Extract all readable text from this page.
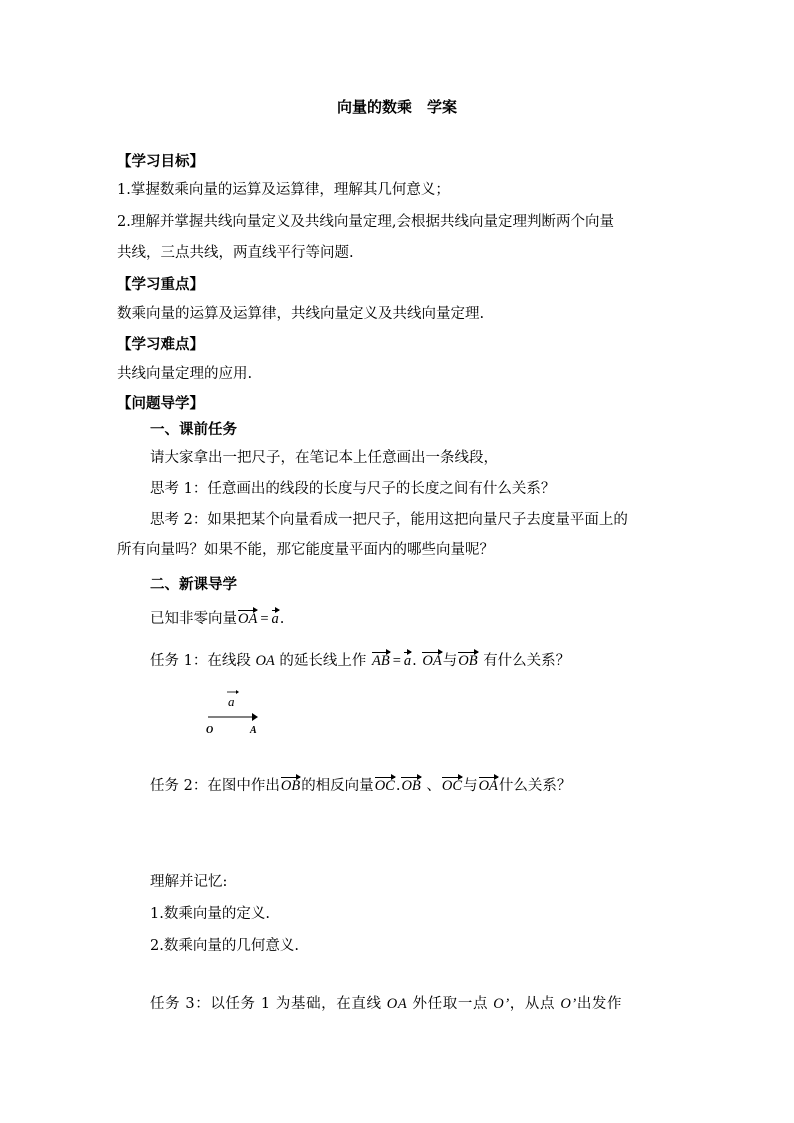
向量的数乘　学案
【学习目标】
1.掌握数乘向量的运算及运算律，理解其几何意义；
2.理解并掌握共线向量定义及共线向量定理,会根据共线向量定理判断两个向量
共线，三点共线，两直线平行等问题.
【学习重点】
数乘向量的运算及运算律，共线向量定义及共线向量定理.
【学习难点】
共线向量定理的应用.
【问题导学】
一、课前任务
请大家拿出一把尺子，在笔记本上任意画出一条线段，
思考 1：任意画出的线段的长度与尺子的长度之间有什么关系？
思考 2：如果把某个向量看成一把尺子，能用这把向量尺子去度量平面上的
所有向量吗？如果不能，那它能度量平面内的哪些向量呢？
二、新课导学
已知非零向量OA = a.
任务 1：在线段 OA 的延长线上作 AB = a. OA与OB 有什么关系？
a
O	A
任务 2：在图中作出OB的相反向量OC.OB 、OC与OA什么关系？
理解并记忆:
1.数乘向量的定义.
2.数乘向量的几何意义.
任务 3：以任务 1 为基础，在直线 OA 外任取一点 O’，从点 O’出发作
